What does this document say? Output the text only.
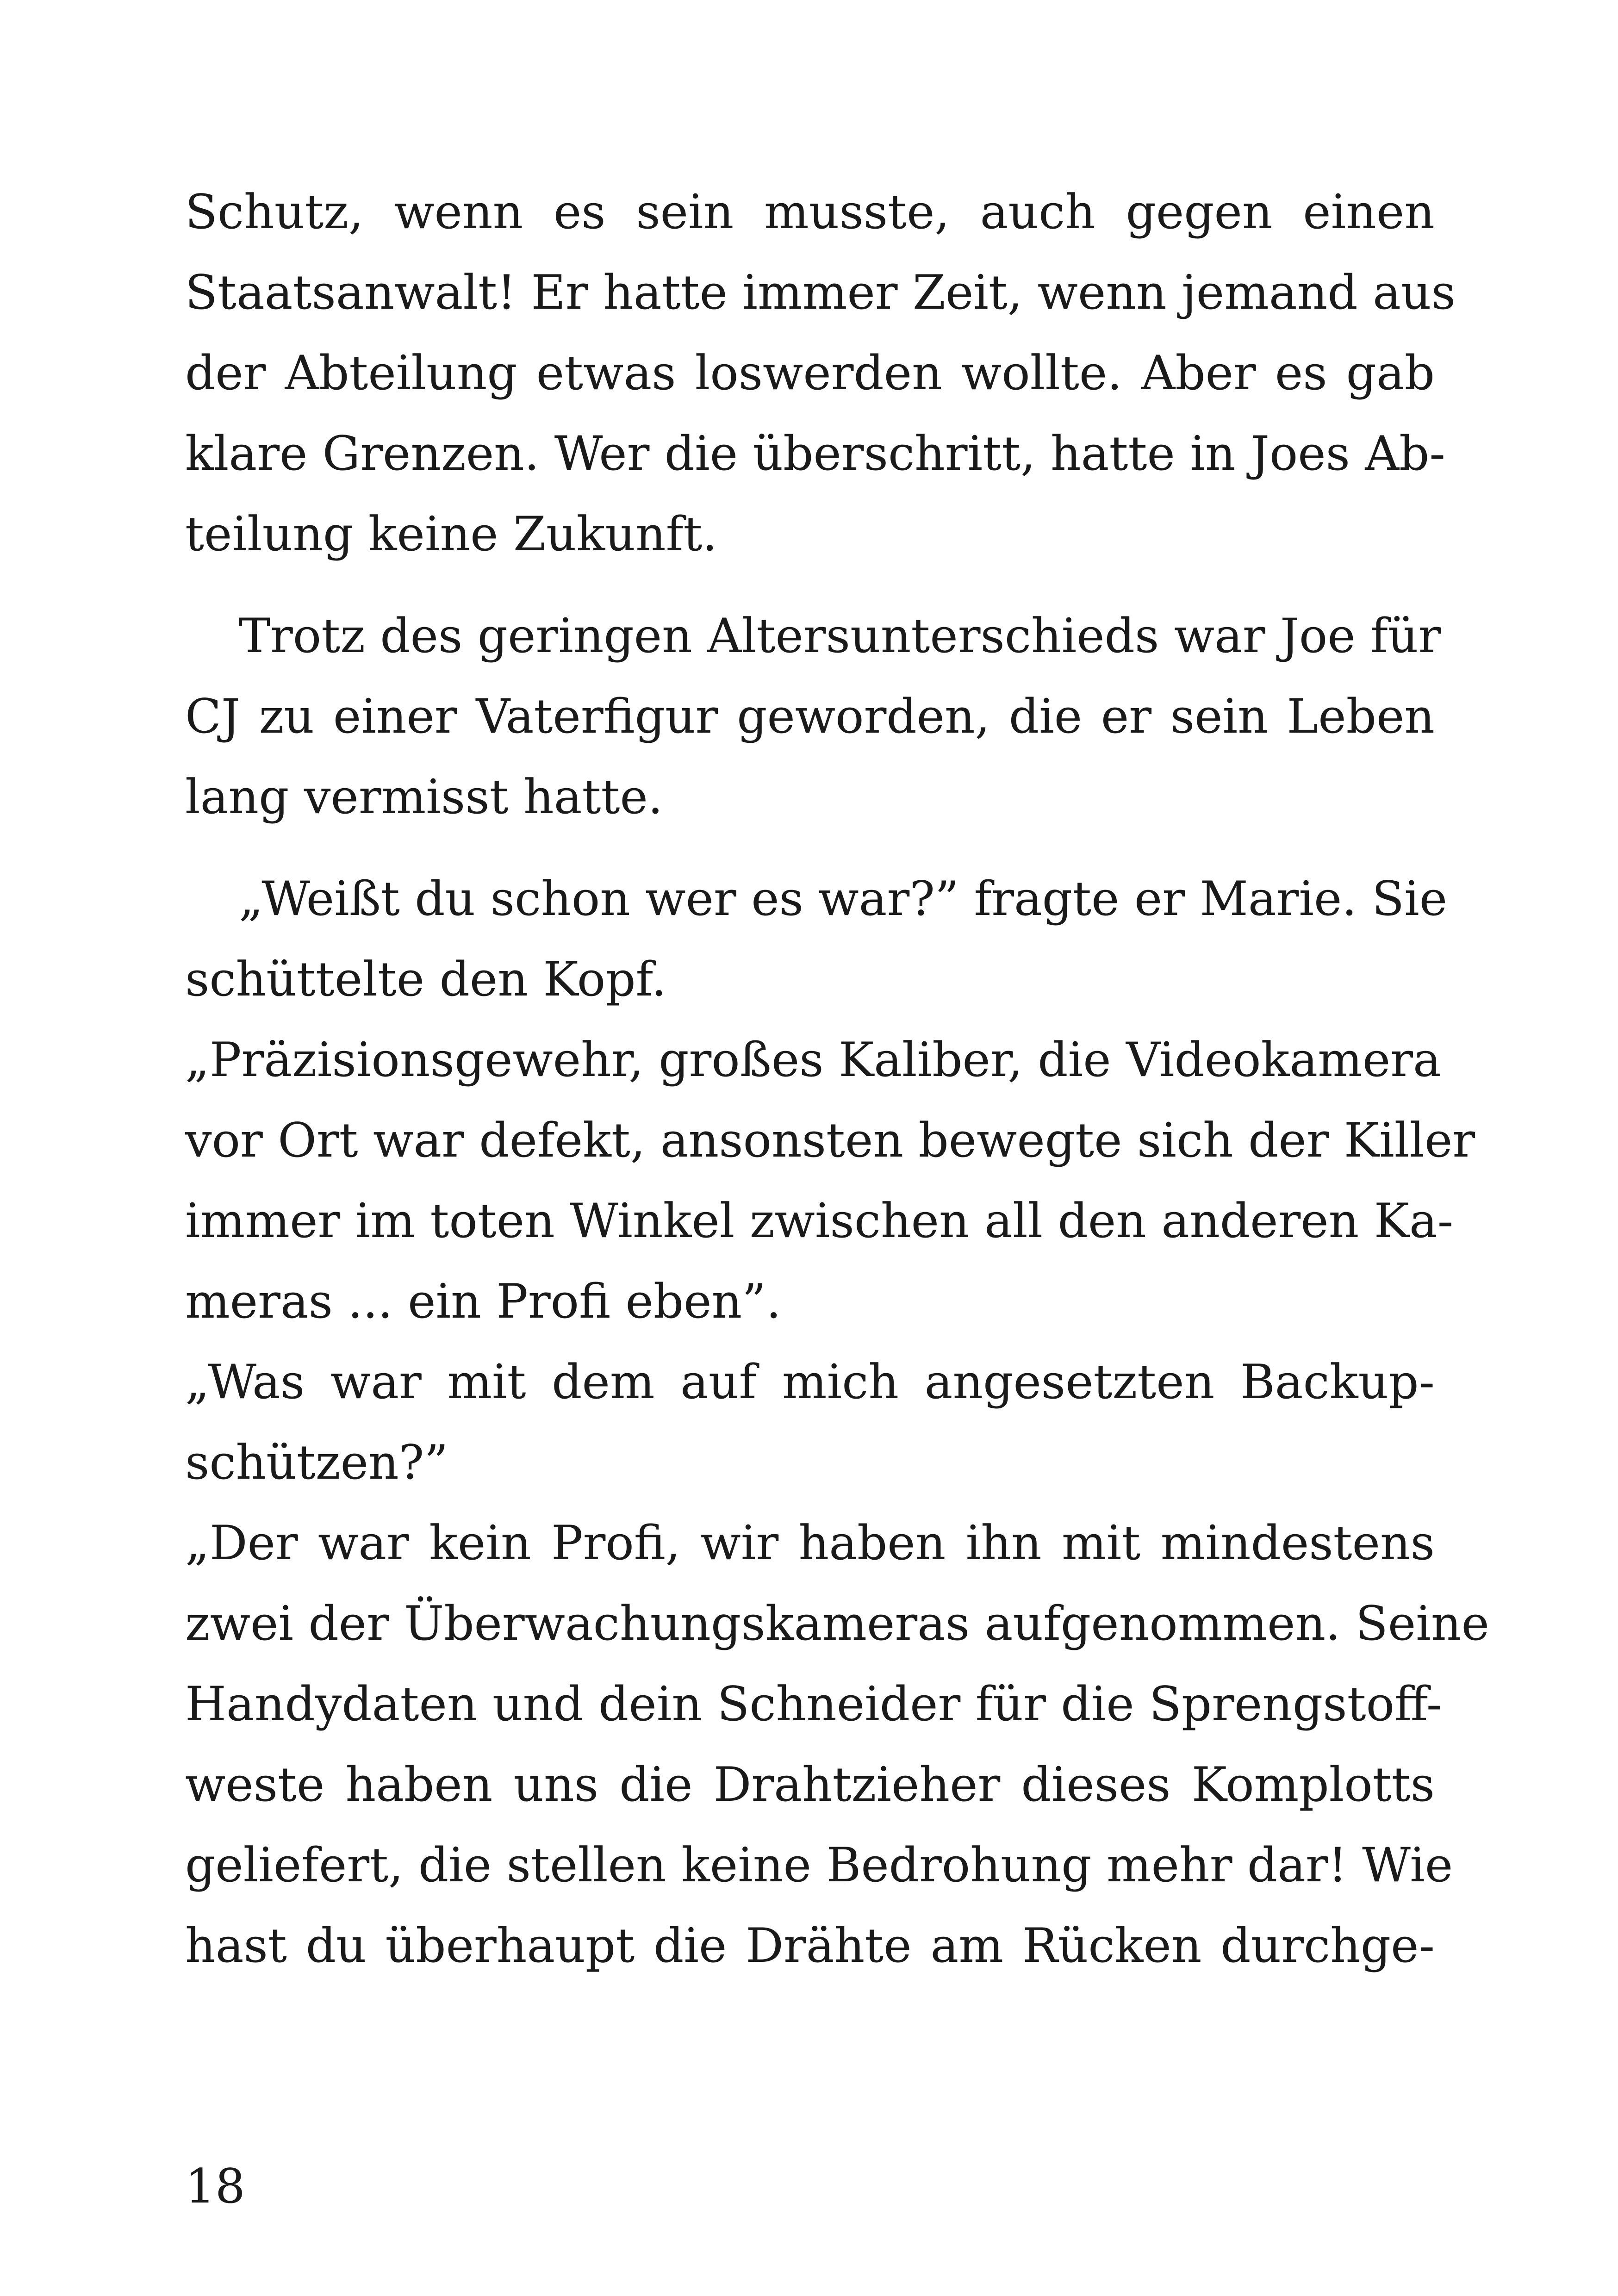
Schutz, wenn es sein musste, auch gegen einen
Staatsanwalt! Er hatte immer Zeit, wenn jemand aus
der Abteilung etwas loswerden wollte. Aber es gab
klare Grenzen. Wer die überschritt, hatte in Joes Ab-
teilung keine Zukunft.
Trotz des geringen Altersunterschieds war Joe für
CJ zu einer Vaterfigur geworden, die er sein Leben
lang vermisst hatte.
„Weißt du schon wer es war?” fragte er Marie. Sie
schüttelte den Kopf.
„Präzisionsgewehr, großes Kaliber, die Videokamera
vor Ort war defekt, ansonsten bewegte sich der Killer
immer im toten Winkel zwischen all den anderen Ka-
meras ... ein Profi eben”.
„Was war mit dem auf mich angesetzten Backup-
schützen?”
„Der war kein Profi, wir haben ihn mit mindestens
zwei der Überwachungskameras aufgenommen. Seine
Handydaten und dein Schneider für die Sprengstoff-
weste haben uns die Drahtzieher dieses Komplotts
geliefert, die stellen keine Bedrohung mehr dar! Wie
hast du überhaupt die Drähte am Rücken durchge-
18
